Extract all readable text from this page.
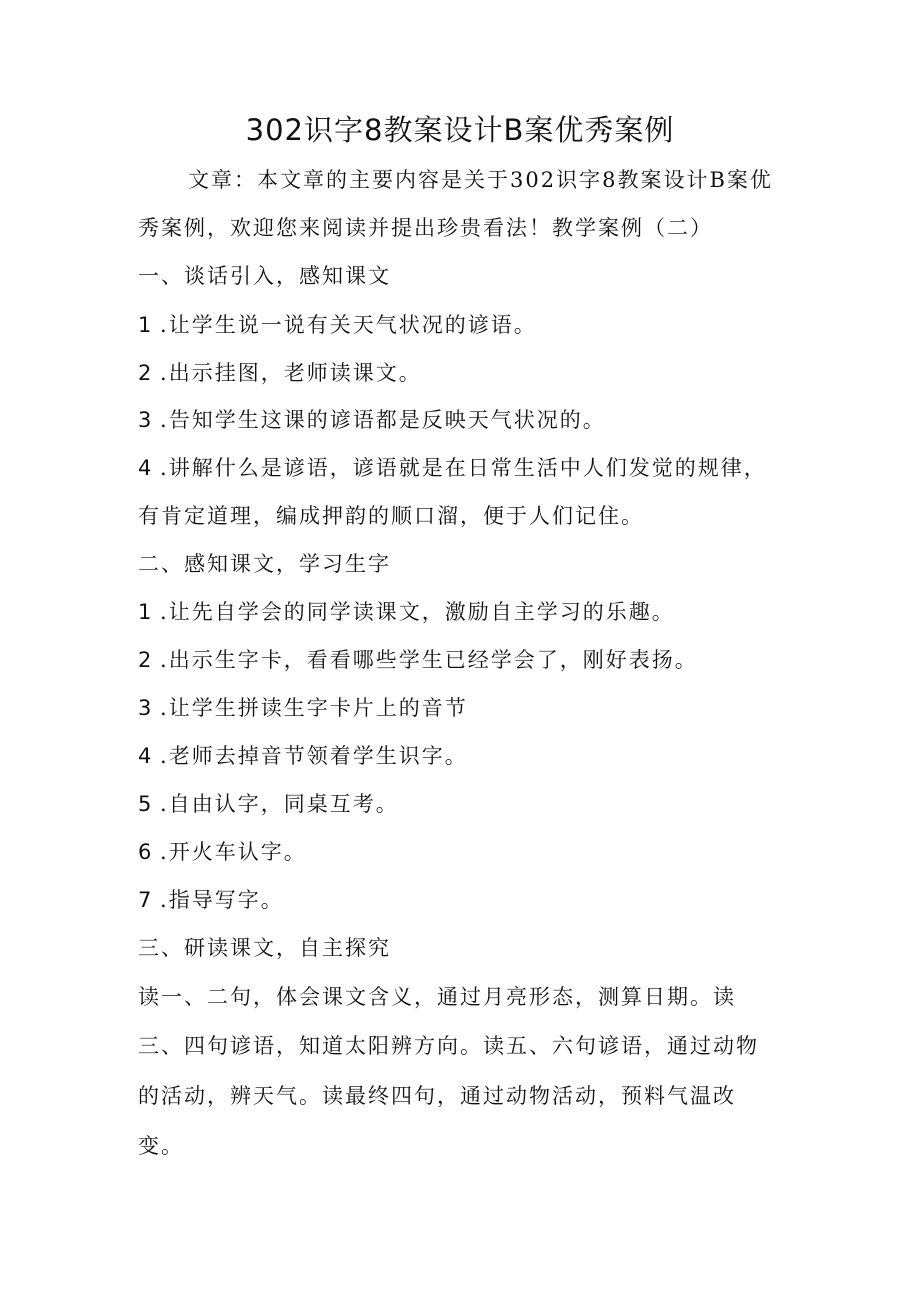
302识字8教案设计B案优秀案例
文章：本文章的主要内容是关于302识字8教案设计B案优
秀案例，欢迎您来阅读并提出珍贵看法！教学案例（二）
一、谈话引入，感知课文
1 .让学生说一说有关天气状况的谚语。
2 .出示挂图，老师读课文。
3 .告知学生这课的谚语都是反映天气状况的。
4 .讲解什么是谚语，谚语就是在日常生活中人们发觉的规律，
有肯定道理，编成押韵的顺口溜，便于人们记住。
二、感知课文，学习生字
1 .让先自学会的同学读课文，激励自主学习的乐趣。
2 .出示生字卡，看看哪些学生已经学会了，刚好表扬。
3 .让学生拼读生字卡片上的音节
4 .老师去掉音节领着学生识字。
5 .自由认字，同桌互考。
6 .开火车认字。
7 .指导写字。
三、研读课文，自主探究
读一、二句，体会课文含义，通过月亮形态，测算日期。读
三、四句谚语，知道太阳辨方向。读五、六句谚语，通过动物
的活动，辨天气。读最终四句，通过动物活动，预料气温改
变。
